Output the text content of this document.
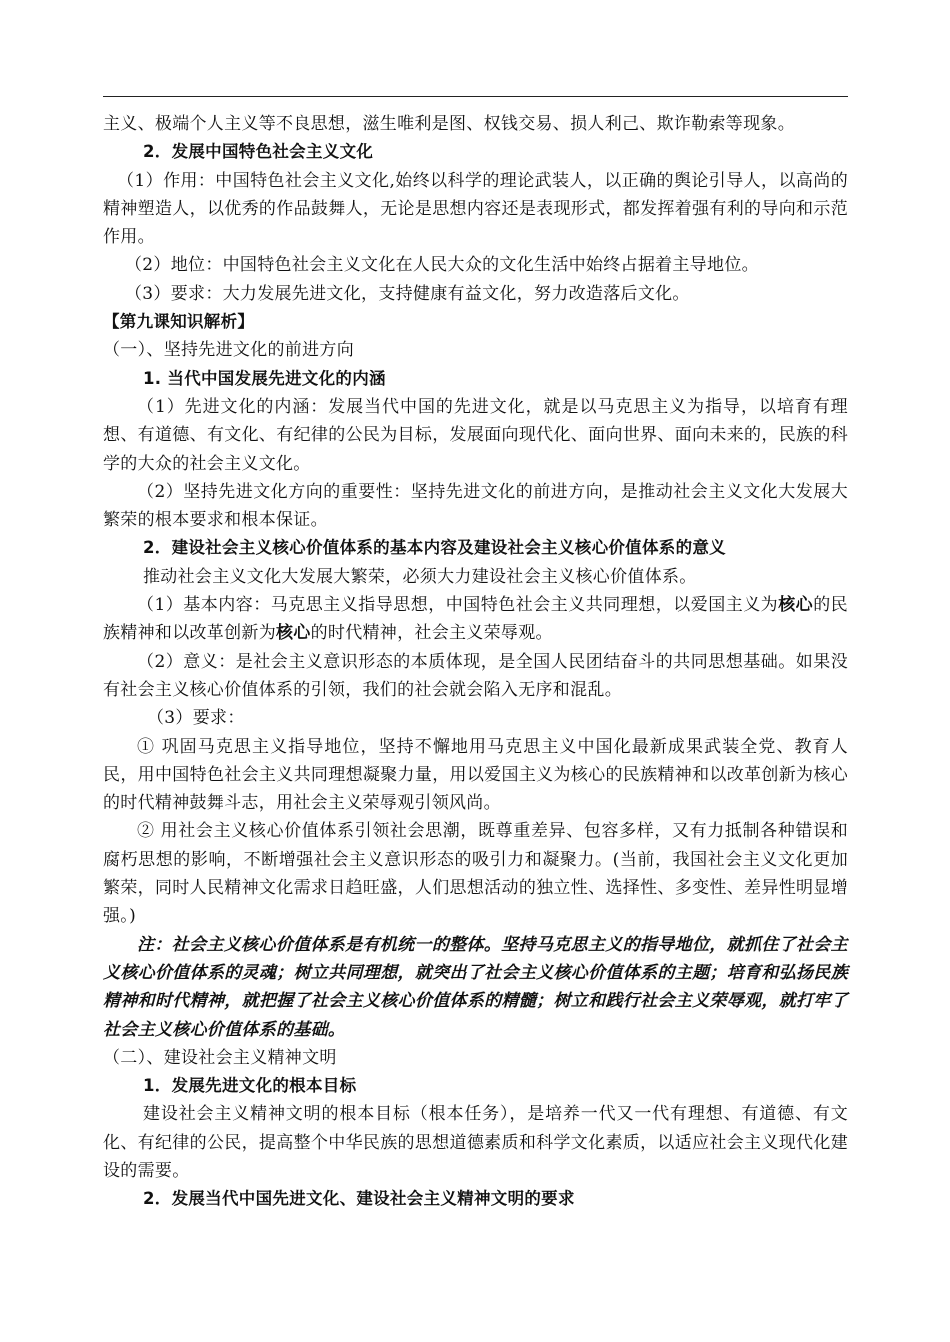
主义、极端个人主义等不良思想，滋生唯利是图、权钱交易、损人利己、欺诈勒索等现象。

2．发展中国特色社会主义文化

（1）作用：中国特色社会主义文化,始终以科学的理论武装人，以正确的舆论引导人，以高尚的精神塑造人，以优秀的作品鼓舞人，无论是思想内容还是表现形式，都发挥着强有利的导向和示范作用。

（2）地位：中国特色社会主义文化在人民大众的文化生活中始终占据着主导地位。

（3）要求：大力发展先进文化，支持健康有益文化，努力改造落后文化。

【第九课知识解析】

（一）、坚持先进文化的前进方向

1. 当代中国发展先进文化的内涵

（1）先进文化的内涵：发展当代中国的先进文化，就是以马克思主义为指导，以培育有理想、有道德、有文化、有纪律的公民为目标，发展面向现代化、面向世界、面向未来的，民族的科学的大众的社会主义文化。

（2）坚持先进文化方向的重要性：坚持先进文化的前进方向，是推动社会主义文化大发展大繁荣的根本要求和根本保证。

2．建设社会主义核心价值体系的基本内容及建设社会主义核心价值体系的意义

推动社会主义文化大发展大繁荣，必须大力建设社会主义核心价值体系。

（1）基本内容：马克思主义指导思想，中国特色社会主义共同理想，以爱国主义为核心的民族精神和以改革创新为核心的时代精神，社会主义荣辱观。

（2）意义：是社会主义意识形态的本质体现，是全国人民团结奋斗的共同思想基础。如果没有社会主义核心价值体系的引领，我们的社会就会陷入无序和混乱。

（3）要求：

① 巩固马克思主义指导地位，坚持不懈地用马克思主义中国化最新成果武装全党、教育人民，用中国特色社会主义共同理想凝聚力量，用以爱国主义为核心的民族精神和以改革创新为核心的时代精神鼓舞斗志，用社会主义荣辱观引领风尚。

② 用社会主义核心价值体系引领社会思潮，既尊重差异、包容多样，又有力抵制各种错误和腐朽思想的影响，不断增强社会主义意识形态的吸引力和凝聚力。(当前，我国社会主义文化更加繁荣，同时人民精神文化需求日趋旺盛，人们思想活动的独立性、选择性、多变性、差异性明显增强。)

注：社会主义核心价值体系是有机统一的整体。坚持马克思主义的指导地位，就抓住了社会主义核心价值体系的灵魂；树立共同理想，就突出了社会主义核心价值体系的主题；培育和弘扬民族精神和时代精神，就把握了社会主义核心价值体系的精髓；树立和践行社会主义荣辱观，就打牢了社会主义核心价值体系的基础。

（二）、建设社会主义精神文明

1．发展先进文化的根本目标

建设社会主义精神文明的根本目标（根本任务），是培养一代又一代有理想、有道德、有文化、有纪律的公民，提高整个中华民族的思想道德素质和科学文化素质，以适应社会主义现代化建设的需要。

2．发展当代中国先进文化、建设社会主义精神文明的要求
